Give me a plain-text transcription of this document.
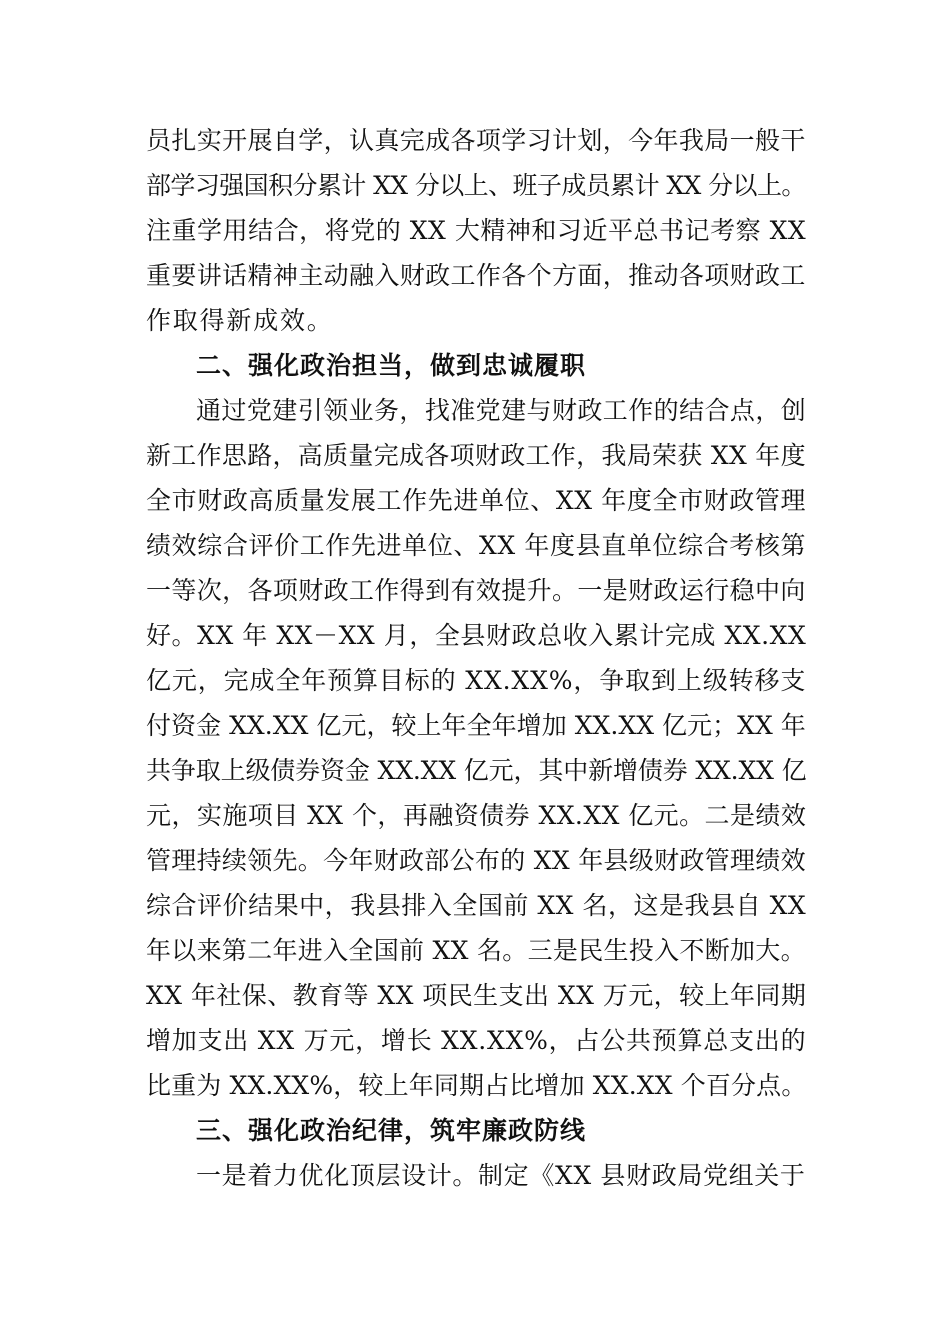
员扎实开展自学，认真完成各项学习计划，今年我局一般干
部学习强国积分累计 XX 分以上、班子成员累计 XX 分以上。
注重学用结合，将党的 XX 大精神和习近平总书记考察 XX
重要讲话精神主动融入财政工作各个方面，推动各项财政工
作取得新成效。
二、强化政治担当，做到忠诚履职
通过党建引领业务，找准党建与财政工作的结合点，创
新工作思路，高质量完成各项财政工作，我局荣获 XX 年度
全市财政高质量发展工作先进单位、XX 年度全市财政管理
绩效综合评价工作先进单位、XX 年度县直单位综合考核第
一等次，各项财政工作得到有效提升。一是财政运行稳中向
好。XX 年 XX－XX 月，全县财政总收入累计完成 XX.XX
亿元，完成全年预算目标的 XX.XX%，争取到上级转移支
付资金 XX.XX 亿元，较上年全年增加 XX.XX 亿元；XX 年
共争取上级债券资金 XX.XX 亿元，其中新增债券 XX.XX 亿
元，实施项目 XX 个，再融资债券 XX.XX 亿元。二是绩效
管理持续领先。今年财政部公布的 XX 年县级财政管理绩效
综合评价结果中，我县排入全国前 XX 名，这是我县自 XX
年以来第二年进入全国前 XX 名。三是民生投入不断加大。
XX 年社保、教育等 XX 项民生支出 XX 万元，较上年同期
增加支出 XX 万元，增长 XX.XX%，占公共预算总支出的
比重为 XX.XX%，较上年同期占比增加 XX.XX 个百分点。
三、强化政治纪律，筑牢廉政防线
一是着力优化顶层设计。制定《XX 县财政局党组关于
